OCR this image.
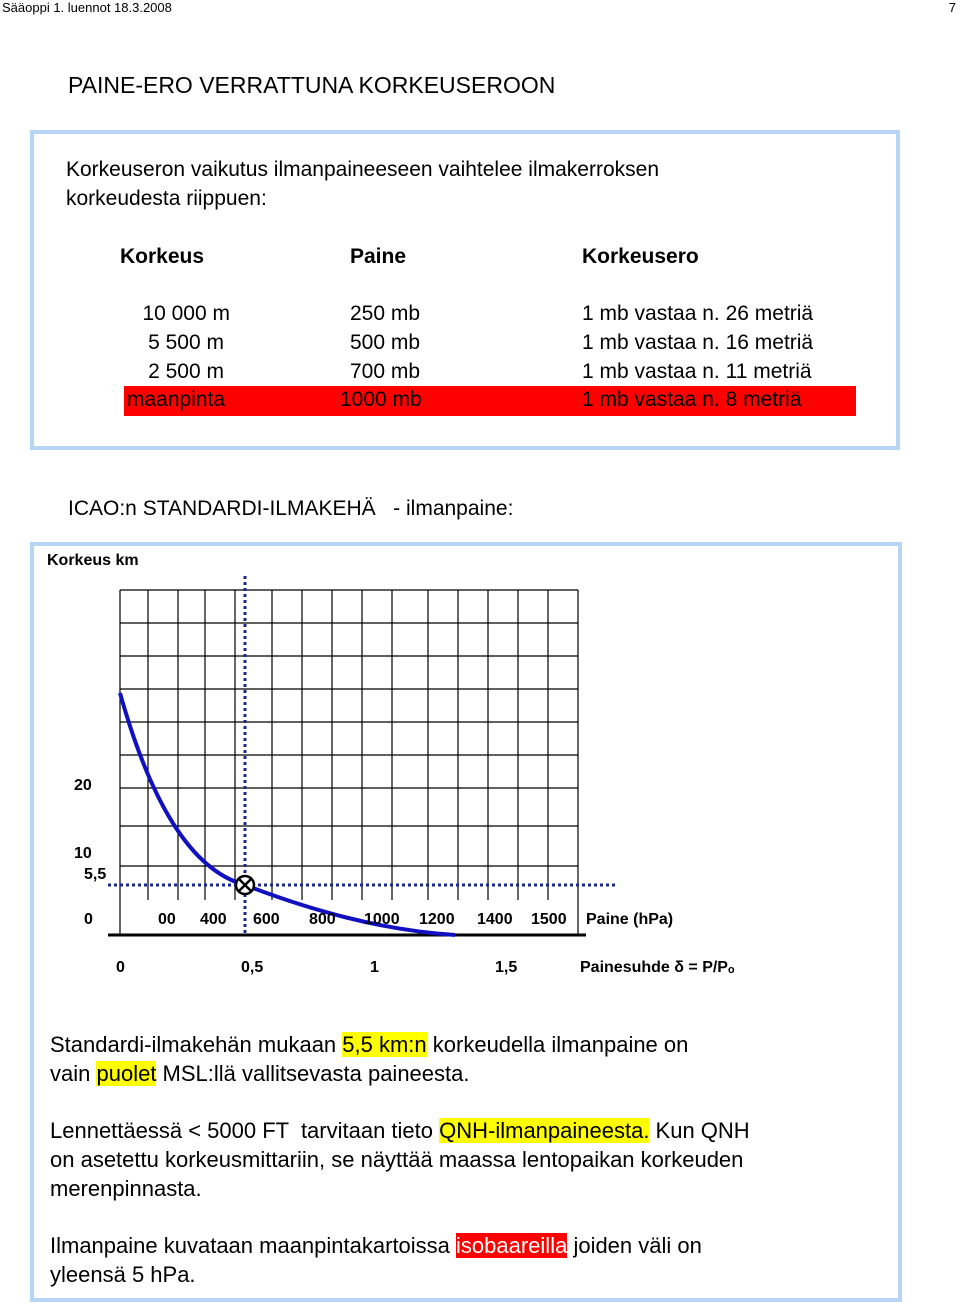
Sääoppi 1. luennot 18.3.2008	7
PAINE-ERO VERRATTUNA KORKEUSEROON
Korkeuseron vaikutus ilmanpaineeseen vaihtelee ilmakerroksen
korkeudesta riippuen:
Korkeus	Paine	Korkeusero
10 000 m	250 mb	1 mb vastaa n. 26 metriä
5 500 m	500 mb	1 mb vastaa n. 16 metriä
2 500 m	700 mb	1 mb vastaa n. 11 metriä
maanpinta	1000 mb	1 mb vastaa n. 8 metriä
ICAO:n STANDARDI-ILMAKEHÄ   - ilmanpaine:
Korkeus km
20
10
5,5
0	00 400 600 800 1000 1200 1400 1500 Paine (hPa)
0	0,5	1	1,5	Painesuhde δ = P/Pₒ
Standardi-ilmakehän mukaan 5,5 km:n korkeudella ilmanpaine on
vain puolet MSL:llä vallitsevasta paineesta.
Lennettäessä < 5000 FT  tarvitaan tieto QNH-ilmanpaineesta. Kun QNH
on asetettu korkeusmittariin, se näyttää maassa lentopaikan korkeuden
merenpinnasta.
Ilmanpaine kuvataan maanpintakartoissa isobaareilla joiden väli on
yleensä 5 hPa.
